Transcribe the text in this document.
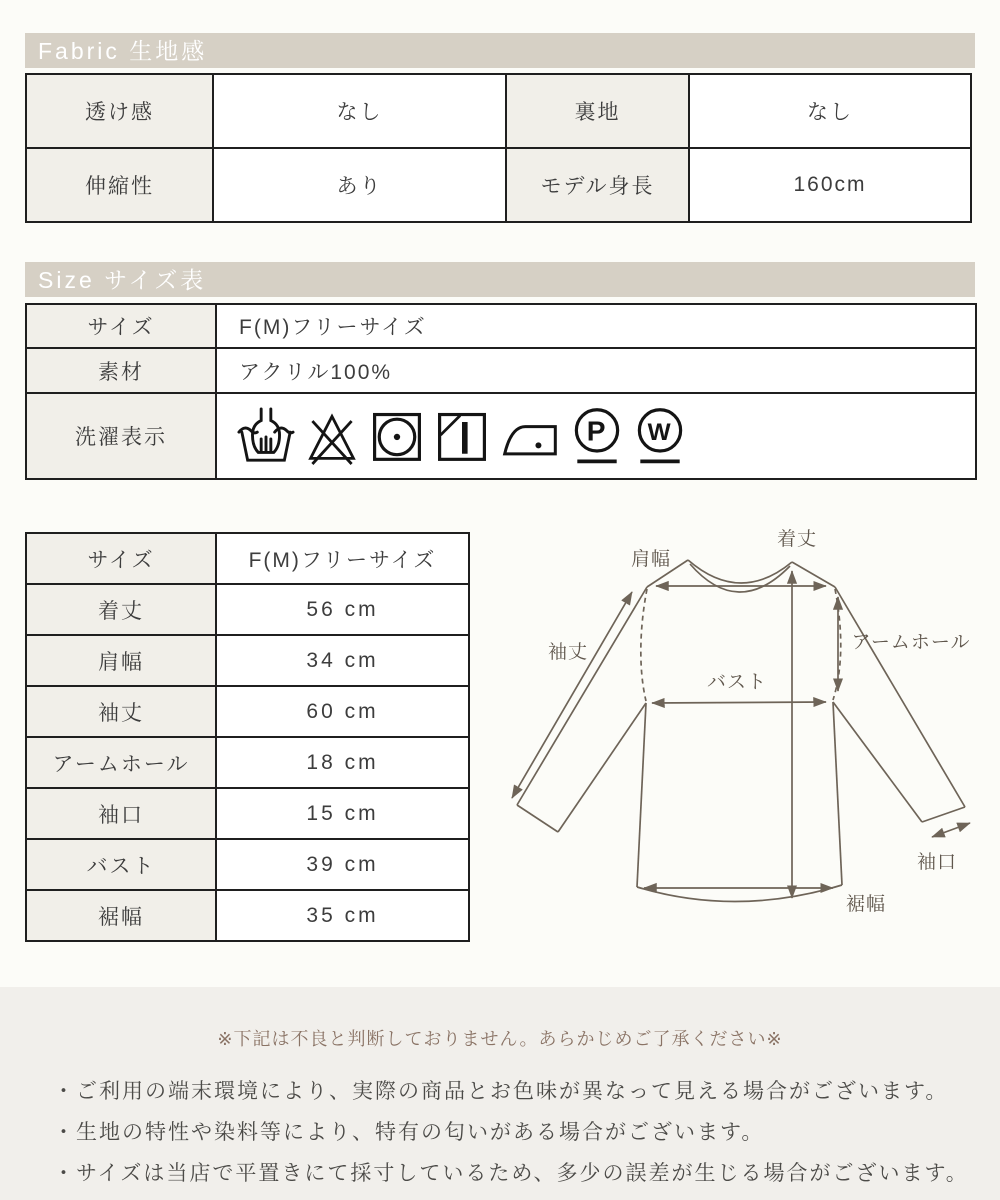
Fabric 生地感
透け感	なし	裏地	なし
伸縮性	あり	モデル身長	160cm
Size サイズ表
サイズ	F(M)フリーサイズ
素材	アクリル100%
洗濯表示	P W
サイズ	F(M)フリーサイズ
着丈	56 cm
肩幅	34 cm
袖丈	60 cm
アームホール	18 cm
袖口	15 cm
バスト	39 cm
裾幅	35 cm
着丈
肩幅
袖丈	アームホール
バスト
袖口
裾幅

※下記は不良と判断しておりません。あらかじめご了承ください※

・ご利用の端末環境により、実際の商品とお色味が異なって見える場合がございます。
・生地の特性や染料等により、特有の匂いがある場合がございます。
・サイズは当店で平置きにて採寸しているため、多少の誤差が生じる場合がございます。
